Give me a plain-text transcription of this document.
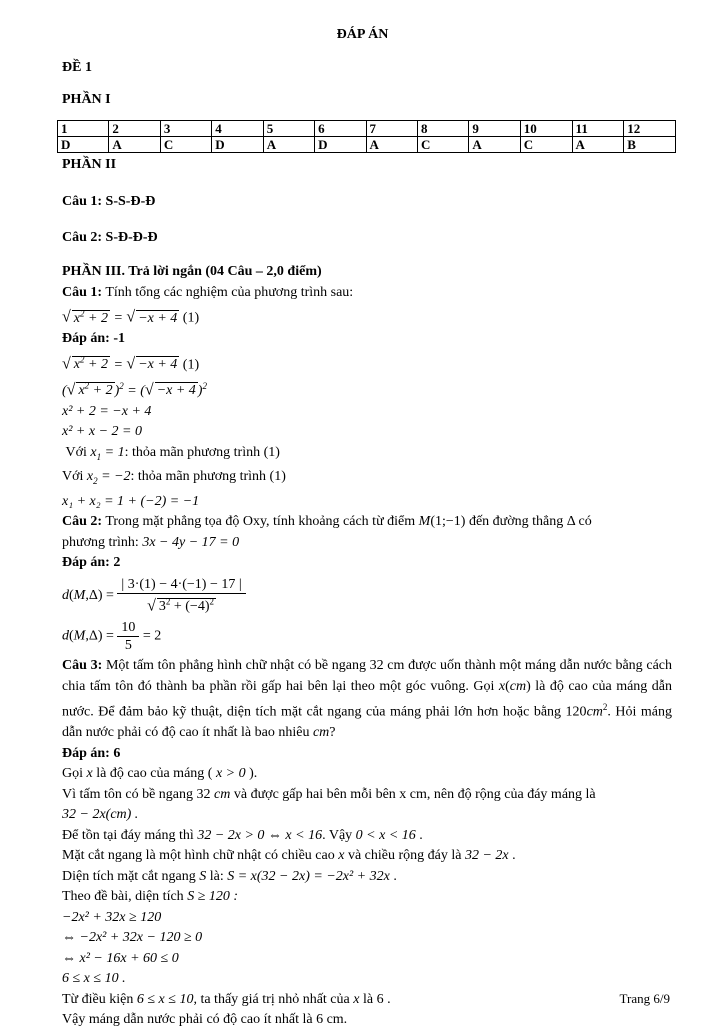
ĐÁP ÁN
ĐỀ 1
PHẦN I
1	2	3	4	5	6	7	8	9	10	11	12
D	A	C	D	A	D	A	C	A	C	A	B
PHẦN II
Câu 1: S-S-Đ-Đ
Câu 2: S-Đ-Đ-Đ

PHẦN III. Trả lời ngắn (04 Câu – 2,0 điểm)

Câu 1: Tính tổng các nghiệm của phương trình sau:

√ $x^2 + 2$ = √ −x + 4 (1)

Đáp án: -1

√ $x^2 + 2$ = √ −x + 4 (1)

(√ $x^2 + 2$ )$^2$ = (√ −x + 4 )$^2$

x² + 2 = −x + 4

x² + x − 2 = 0

Với $x_1 = 1$: thỏa mãn phương trình (1)

Với $x_2 = -2$: thỏa mãn phương trình (1)

x₁ + x₂ = 1 + (−2) = −1

Câu 2: Trong mặt phẳng tọa độ Oxy, tính khoảng cách từ điểm M(1;−1) đến đường thẳng Δ có

phương trình: 3x − 4y − 17 = 0

Đáp án: 2

$d(M,\Delta) = \frac{| 3\cdot(1) - 4\cdot(-1) - 17 |}{√ 3^2 + (-4)^2}$

$d(M,\Delta) = \frac{10}{5} = 2$

Câu 3: Một tấm tôn phẳng hình chữ nhật có bề ngang 32 cm được uốn thành một máng dẫn nước bằng cách chia tấm tôn đó thành ba phần rồi gấp hai bên lại theo một góc vuông. Gọi x(cm) là độ cao của máng dẫn nước. Để đảm bảo kỹ thuật, diện tích mặt cắt ngang của máng phải lớn hơn hoặc bằng $120cm^2$. Hỏi máng dẫn nước phải có độ cao ít nhất là bao nhiêu cm?

Đáp án: 6

Gọi x là độ cao của máng ( x > 0 ).

Vì tấm tôn có bề ngang 32 cm và được gấp hai bên mỗi bên x cm, nên độ rộng của đáy máng là

32 − 2x(cm) .

Để tồn tại đáy máng thì 32 − 2x > 0 ⇔ x < 16. Vậy 0 < x < 16 .

Mặt cắt ngang là một hình chữ nhật có chiều cao x và chiều rộng đáy là 32 − 2x .

Diện tích mặt cắt ngang S là: S = x(32 − 2x) = −2x² + 32x .

Theo đề bài, diện tích S ≥ 120 :

−2x² + 32x ≥ 120

⇔ −2x² + 32x − 120 ≥ 0

⇔ x² − 16x + 60 ≤ 0

6 ≤ x ≤ 10 .

Từ điều kiện 6 ≤ x ≤ 10, ta thấy giá trị nhỏ nhất của x là 6 .

Vậy máng dẫn nước phải có độ cao ít nhất là 6 cm.

Trang 6/9
